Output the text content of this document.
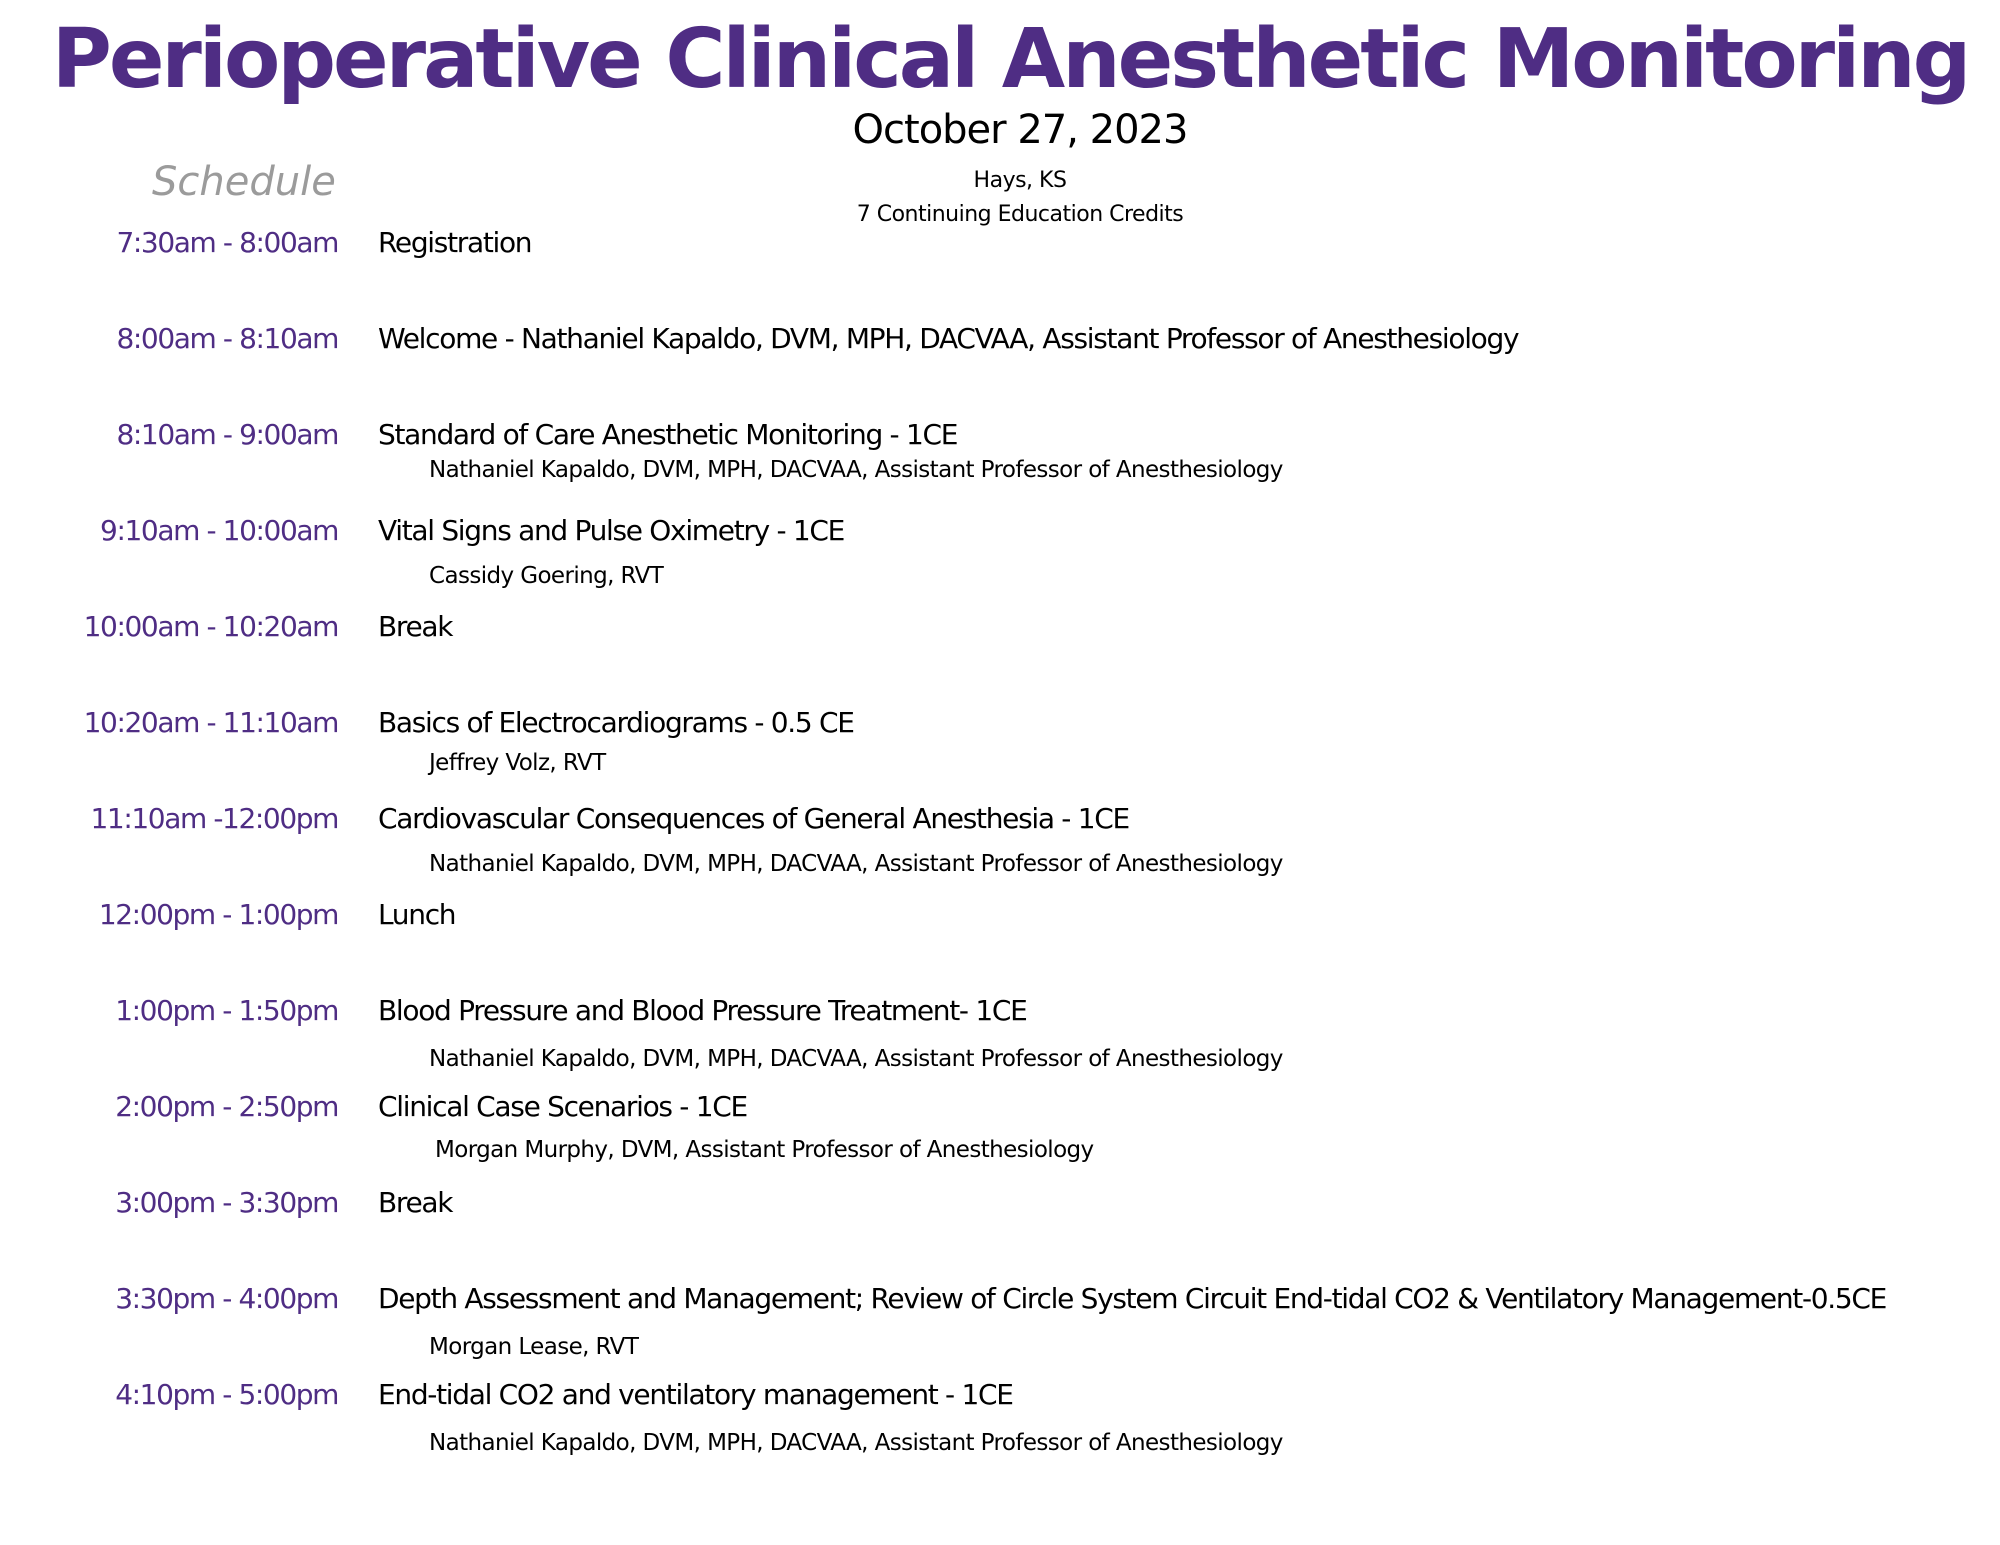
Perioperative Clinical Anesthetic Monitoring
October 27, 2023
Hays, KS
7 Continuing Education Credits
Schedule
7:30am - 8:00am Registration
8:00am - 8:10am Welcome - Nathaniel Kapaldo, DVM, MPH, DACVAA, Assistant Professor of Anesthesiology
8:10am - 9:00am Standard of Care Anesthetic Monitoring - 1CE
Nathaniel Kapaldo, DVM, MPH, DACVAA, Assistant Professor of Anesthesiology
9:10am - 10:00am Vital Signs and Pulse Oximetry - 1CE
Cassidy Goering, RVT
10:00am - 10:20am Break
10:20am - 11:10am Basics of Electrocardiograms - 0.5 CE
Jeffrey Volz, RVT
11:10am -12:00pm Cardiovascular Consequences of General Anesthesia - 1CE
Nathaniel Kapaldo, DVM, MPH, DACVAA, Assistant Professor of Anesthesiology
12:00pm - 1:00pm Lunch
1:00pm - 1:50pm Blood Pressure and Blood Pressure Treatment- 1CE
Nathaniel Kapaldo, DVM, MPH, DACVAA, Assistant Professor of Anesthesiology
2:00pm - 2:50pm Clinical Case Scenarios - 1CE
Morgan Murphy, DVM, Assistant Professor of Anesthesiology
3:00pm - 3:30pm Break
3:30pm - 4:00pm Depth Assessment and Management; Review of Circle System Circuit End-tidal CO2 & Ventilatory Management-0.5CE
Morgan Lease, RVT
4:10pm - 5:00pm End-tidal CO2 and ventilatory management - 1CE
Nathaniel Kapaldo, DVM, MPH, DACVAA, Assistant Professor of Anesthesiology
